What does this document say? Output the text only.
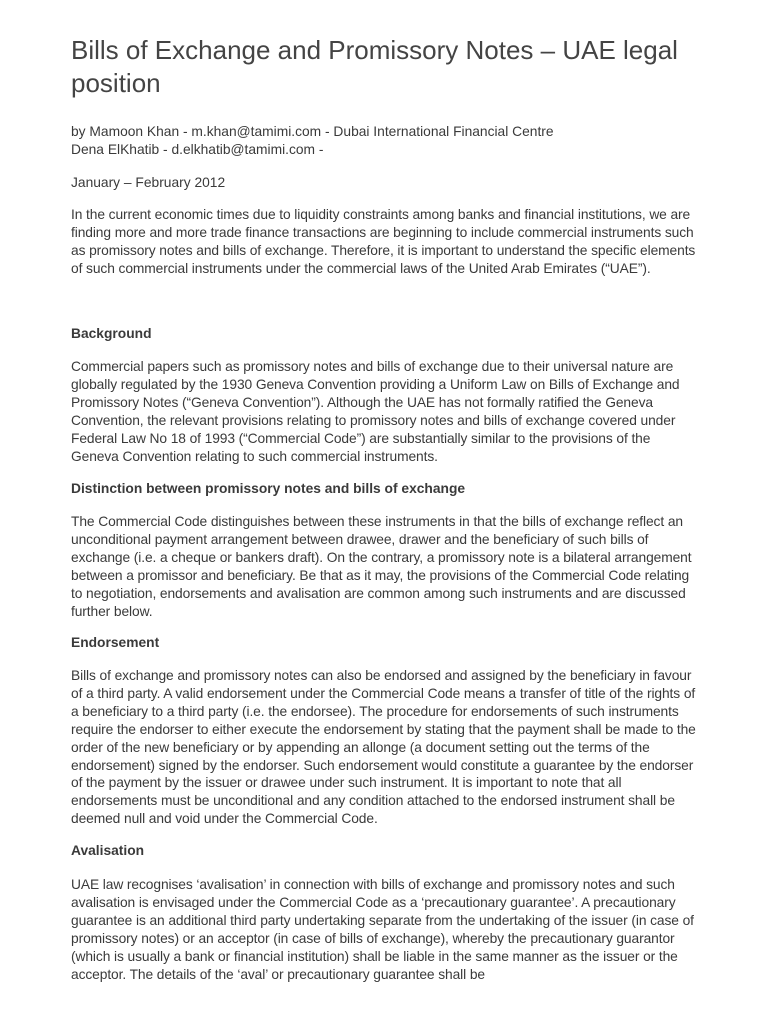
Bills of Exchange and Promissory Notes – UAE legal position
by Mamoon Khan - m.khan@tamimi.com - Dubai International Financial Centre
Dena ElKhatib - d.elkhatib@tamimi.com -
January – February 2012

In the current economic times due to liquidity constraints among banks and financial institutions, we are finding more and more trade finance transactions are beginning to include commercial instruments such as promissory notes and bills of exchange. Therefore, it is important to understand the specific elements of such commercial instruments under the commercial laws of the United Arab Emirates (“UAE”).

Background

Commercial papers such as promissory notes and bills of exchange due to their universal nature are globally regulated by the 1930 Geneva Convention providing a Uniform Law on Bills of Exchange and Promissory Notes (“Geneva Convention”). Although the UAE has not formally ratified the Geneva Convention, the relevant provisions relating to promissory notes and bills of exchange covered under Federal Law No 18 of 1993 (“Commercial Code”) are substantially similar to the provisions of the Geneva Convention relating to such commercial instruments.

Distinction between promissory notes and bills of exchange

The Commercial Code distinguishes between these instruments in that the bills of exchange reflect an unconditional payment arrangement between drawee, drawer and the beneficiary of such bills of exchange (i.e. a cheque or bankers draft). On the contrary, a promissory note is a bilateral arrangement between a promissor and beneficiary. Be that as it may, the provisions of the Commercial Code relating to negotiation, endorsements and avalisation are common among such instruments and are discussed further below.

Endorsement

Bills of exchange and promissory notes can also be endorsed and assigned by the beneficiary in favour of a third party. A valid endorsement under the Commercial Code means a transfer of title of the rights of a beneficiary to a third party (i.e. the endorsee). The procedure for endorsements of such instruments require the endorser to either execute the endorsement by stating that the payment shall be made to the order of the new beneficiary or by appending an allonge (a document setting out the terms of the endorsement) signed by the endorser. Such endorsement would constitute a guarantee by the endorser of the payment by the issuer or drawee under such instrument. It is important to note that all endorsements must be unconditional and any condition attached to the endorsed instrument shall be deemed null and void under the Commercial Code.

Avalisation

UAE law recognises ‘avalisation’ in connection with bills of exchange and promissory notes and such avalisation is envisaged under the Commercial Code as a ‘precautionary guarantee’. A precautionary guarantee is an additional third party undertaking separate from the undertaking of the issuer (in case of promissory notes) or an acceptor (in case of bills of exchange), whereby the precautionary guarantor (which is usually a bank or financial institution) shall be liable in the same manner as the issuer or the acceptor. The details of the ‘aval’ or precautionary guarantee shall be
